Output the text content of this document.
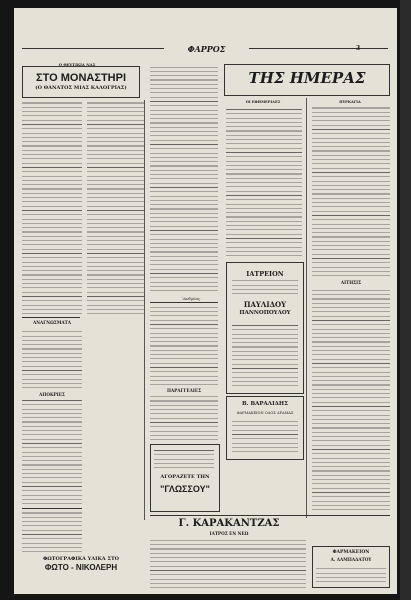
ΦΑΡΡΟΣ	3
Ο ΘΕΥΤΙΚΙΑ ΝΑΣ
ΣΤΟ ΜΟΝΑΣΤΗΡΙ
(Ο ΘΑΝΑΤΟΣ ΜΙΑΣ ΚΑΛΟΓΡΙΑΣ)
ΑΝΑΓΝΩΣΜΑΤΑ
ΑΠΟΚΡΙΕΣ
ΦΩΤΟΓΡΑΦΙΚΑ ΥΛΙΚΑ ΣΤΟ
ΦΩΤΟ - ΝΙΚΟΛΕΡΗ
'Ανδρέας
ΠΑΡΑΓΓΕΛΙΕΣ
ΑΓΟΡΑΖΕΤΕ ΤΗΝ
"ΓΛΩΣΣΟΥ"
ΤΗΣ ΗΜΕΡΑΣ
ΟΙ ΕΦΗΜΕΡΙΔΕΣ	ΠΥΡΚΑΓΙΑ
ΑΙΤΗΣΙΣ
ΙΑΤΡΕΙΟΝ
ΠΑΥΛΙΔΟΥ
ΠΑΝΝΟΠΟΥΛΟΥ
Β. ΒΑΡΑΛΙΔΗΣ
ΦΑΡΜΑΚΕΙΟΝ ΟΔΟΣ ΔΡΑΜΑΣ
Γ. ΚΑΡΑΚΑΝΤΖΑΣ
ΙΑΤΡΟΣ ΕΝ ΝΕΩ
ΦΑΡΜΑΚΕΙΟΝ
Α. ΛΑΜΠΑΔΑΤΟΥ
